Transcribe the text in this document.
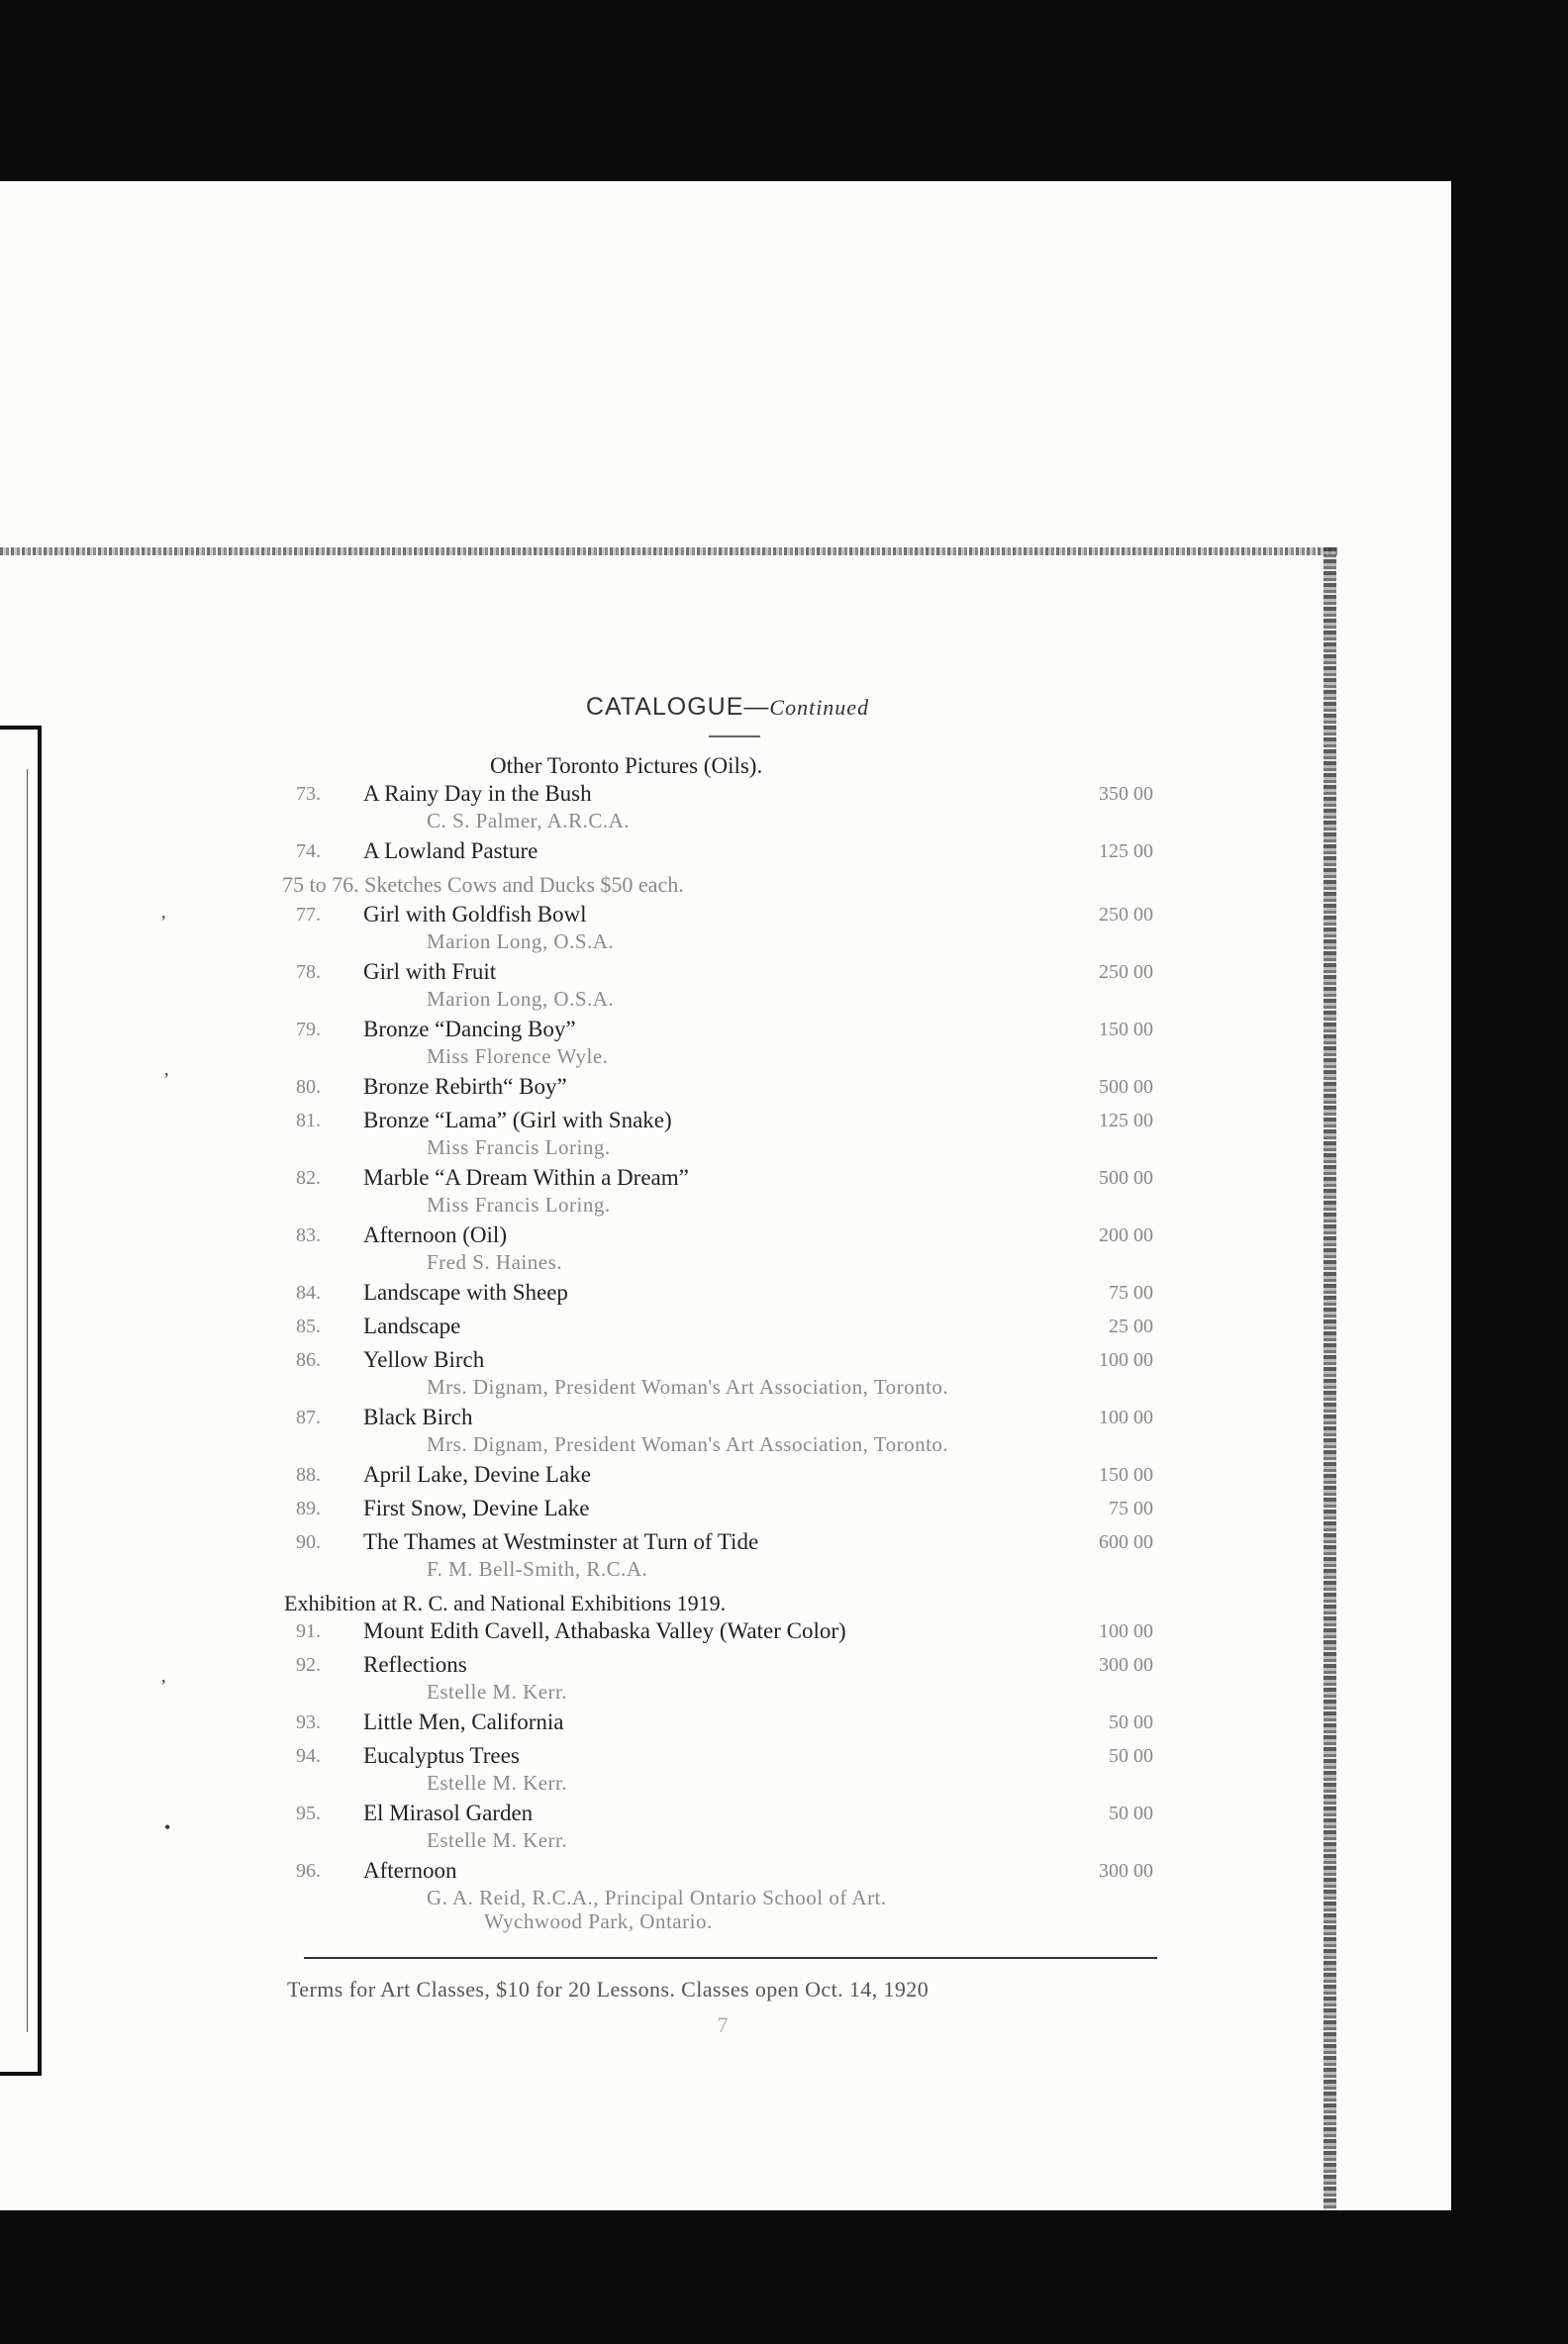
,
,
,
•
CATALOGUE—Continued
Other Toronto Pictures (Oils).
73.	A Rainy Day in the Bush	350 00
C. S. Palmer, A.R.C.A.
74.	A Lowland Pasture	125 00
75 to 76. Sketches Cows and Ducks $50 each.
77.	Girl with Goldfish Bowl	250 00
Marion Long, O.S.A.
78.	Girl with Fruit	250 00
Marion Long, O.S.A.
79.	Bronze “Dancing Boy”	150 00
Miss Florence Wyle.
80.	Bronze Rebirth“ Boy”	500 00
81.	Bronze “Lama” (Girl with Snake)	125 00
Miss Francis Loring.
82.	Marble “A Dream Within a Dream”	500 00
Miss Francis Loring.
83.	Afternoon (Oil)	200 00
Fred S. Haines.
84.	Landscape with Sheep	75 00
85.	Landscape	25 00
86.	Yellow Birch	100 00
Mrs. Dignam, President Woman's Art Association, Toronto.
87.	Black Birch	100 00
Mrs. Dignam, President Woman's Art Association, Toronto.
88.	April Lake, Devine Lake	150 00
89.	First Snow, Devine Lake	75 00
90.	The Thames at Westminster at Turn of Tide	600 00
F. M. Bell-Smith, R.C.A.
Exhibition at R. C. and National Exhibitions 1919.
91.	Mount Edith Cavell, Athabaska Valley (Water Color)	100 00
92.	Reflections	300 00
Estelle M. Kerr.
93.	Little Men, California	50 00
94.	Eucalyptus Trees	50 00
Estelle M. Kerr.
95.	El Mirasol Garden	50 00
Estelle M. Kerr.
96.	Afternoon	300 00
G. A. Reid, R.C.A., Principal Ontario School of Art.
Wychwood Park, Ontario.
Terms for Art Classes, $10 for 20 Lessons. Classes open Oct. 14, 1920
7
